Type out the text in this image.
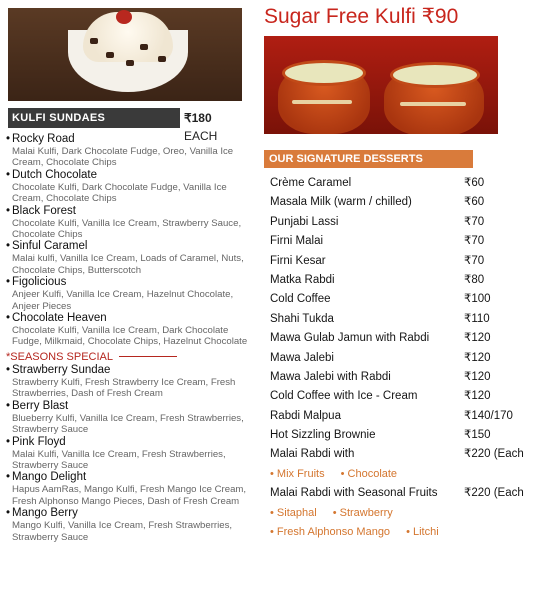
KULFI SUNDAES	₹180 EACH
• Rocky Road
Malai Kulfi, Dark Chocolate Fudge, Oreo, Vanilla Ice Cream, Chocolate Chips
• Dutch Chocolate
Chocolate Kulfi, Dark Chocolate Fudge, Vanilla Ice Cream, Chocolate Chips
• Black Forest
Chocolate Kulfi, Vanilla Ice Cream, Strawberry Sauce, Chocolate Chips
• Sinful Caramel
Malai kulfi, Vanilla Ice Cream, Loads of Caramel, Nuts, Chocolate Chips, Butterscotch
• Figolicious
Anjeer Kulfi, Vanilla Ice Cream, Hazelnut Chocolate, Anjeer Pieces
• Chocolate Heaven
Chocolate Kulfi, Vanilla Ice Cream, Dark Chocolate Fudge, Milkmaid, Chocolate Chips, Hazelnut Chocolate
*SEASONS SPECIAL
• Strawberry Sundae
Strawberry Kulfi, Fresh Strawberry Ice Cream, Fresh Strawberries, Dash of Fresh Cream
• Berry Blast
Blueberry Kulfi, Vanilla Ice Cream, Fresh Strawberries, Strawberry Sauce
• Pink Floyd
Malai Kulfi, Vanilla Ice Cream, Fresh Strawberries, Strawberry Sauce
• Mango Delight
Hapus AamRas, Mango Kulfi, Fresh Mango Ice Cream, Fresh Alphonso Mango Pieces, Dash of Fresh Cream
• Mango Berry
Mango Kulfi, Vanilla Ice Cream, Fresh Strawberries, Strawberry Sauce
Sugar Free Kulfi ₹90
OUR SIGNATURE DESSERTS
Crème Caramel	₹60
Masala Milk (warm / chilled)	₹60
Punjabi Lassi	₹70
Firni Malai	₹70
Firni Kesar	₹70
Matka Rabdi	₹80
Cold Coffee	₹100
Shahi Tukda	₹110
Mawa Gulab Jamun with Rabdi	₹120
Mawa Jalebi	₹120
Mawa Jalebi with Rabdi	₹120
Cold Coffee with Ice - Cream	₹120
Rabdi Malpua	₹140/170
Hot Sizzling Brownie	₹150
Malai Rabdi with	₹220 (Each
• Mix Fruits • Chocolate
Malai Rabdi with Seasonal Fruits ₹220 (Each
• Sitaphal • Strawberry
• Fresh Alphonso Mango • Litchi
